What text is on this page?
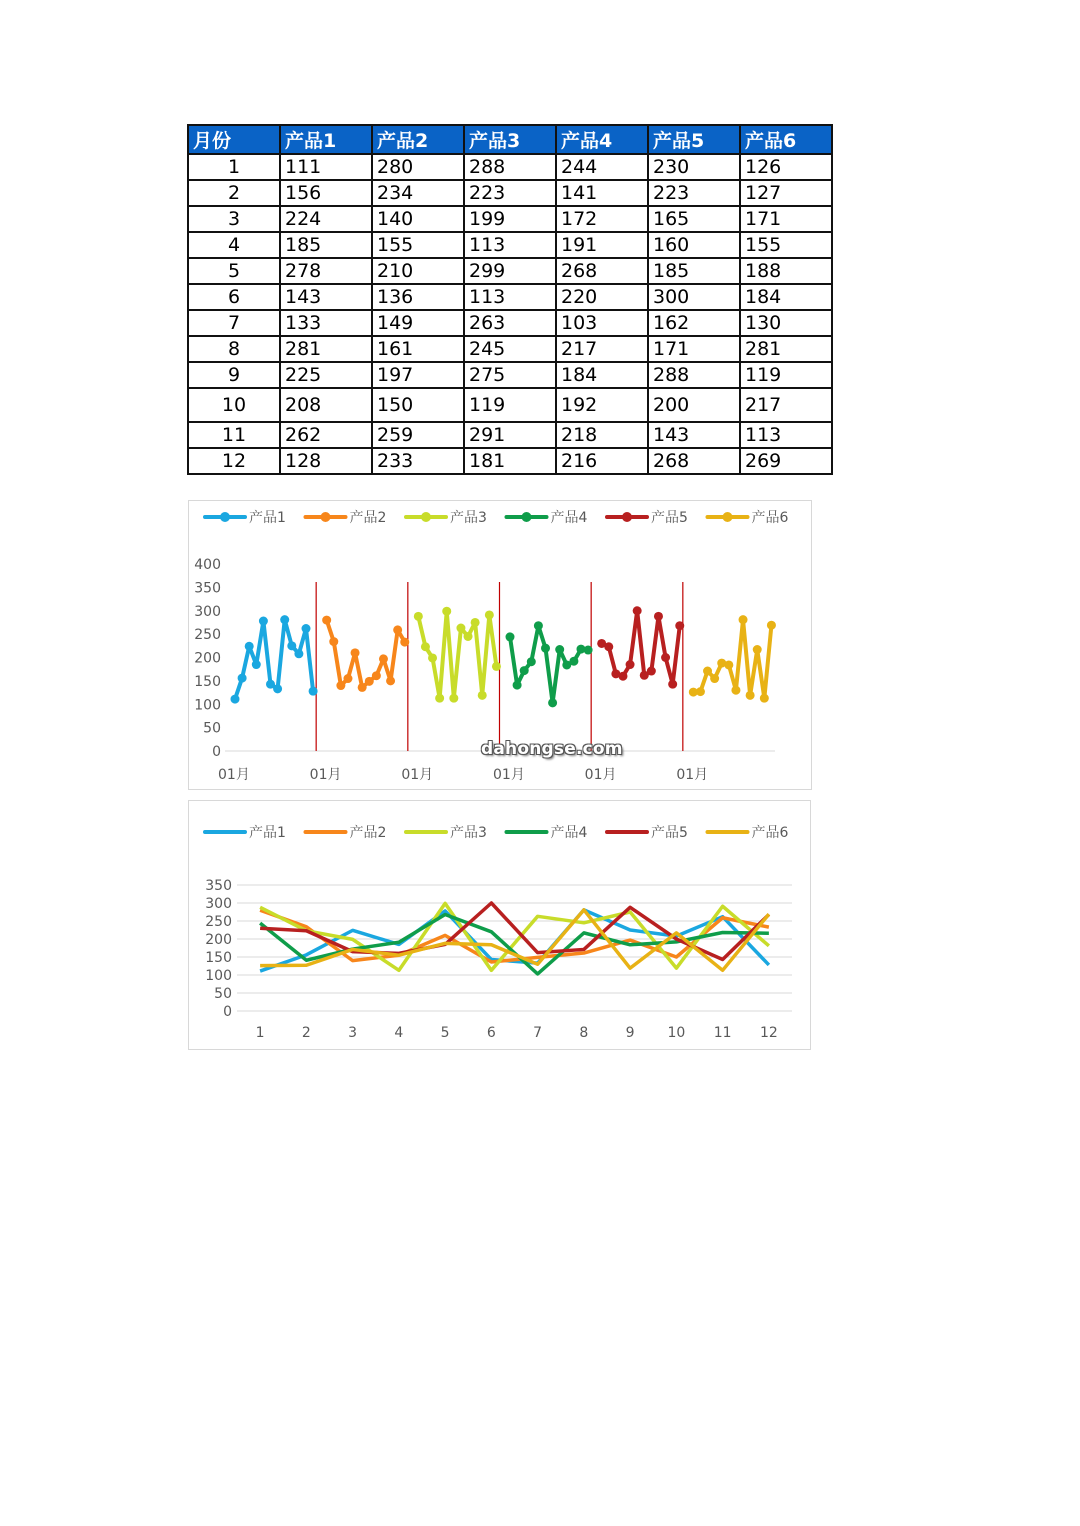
月份	产品1	产品2	产品3	产品4	产品5	产品6
1	111	280	288	244	230	126
2	156	234	223	141	223	127
3	224	140	199	172	165	171
4	185	155	113	191	160	155
5	278	210	299	268	185	188
6	143	136	113	220	300	184
7	133	149	263	103	162	130
8	281	161	245	217	171	281
9	225	197	275	184	288	119
10	208	150	119	192	200	217
11	262	259	291	218	143	113
12	128	233	181	216	268	269
产品1	产品2	产品3	产品4	产品5	产品6
0
50
100
150
200
250
300
350
400
01月	01月	01月	01月	01月	01月
dahongse.com
产品1	产品2	产品3	产品4	产品5	产品6
0
50
100
150
200
250
300
350
1	2	3	4	5	6	7	8	9 10 11 12
